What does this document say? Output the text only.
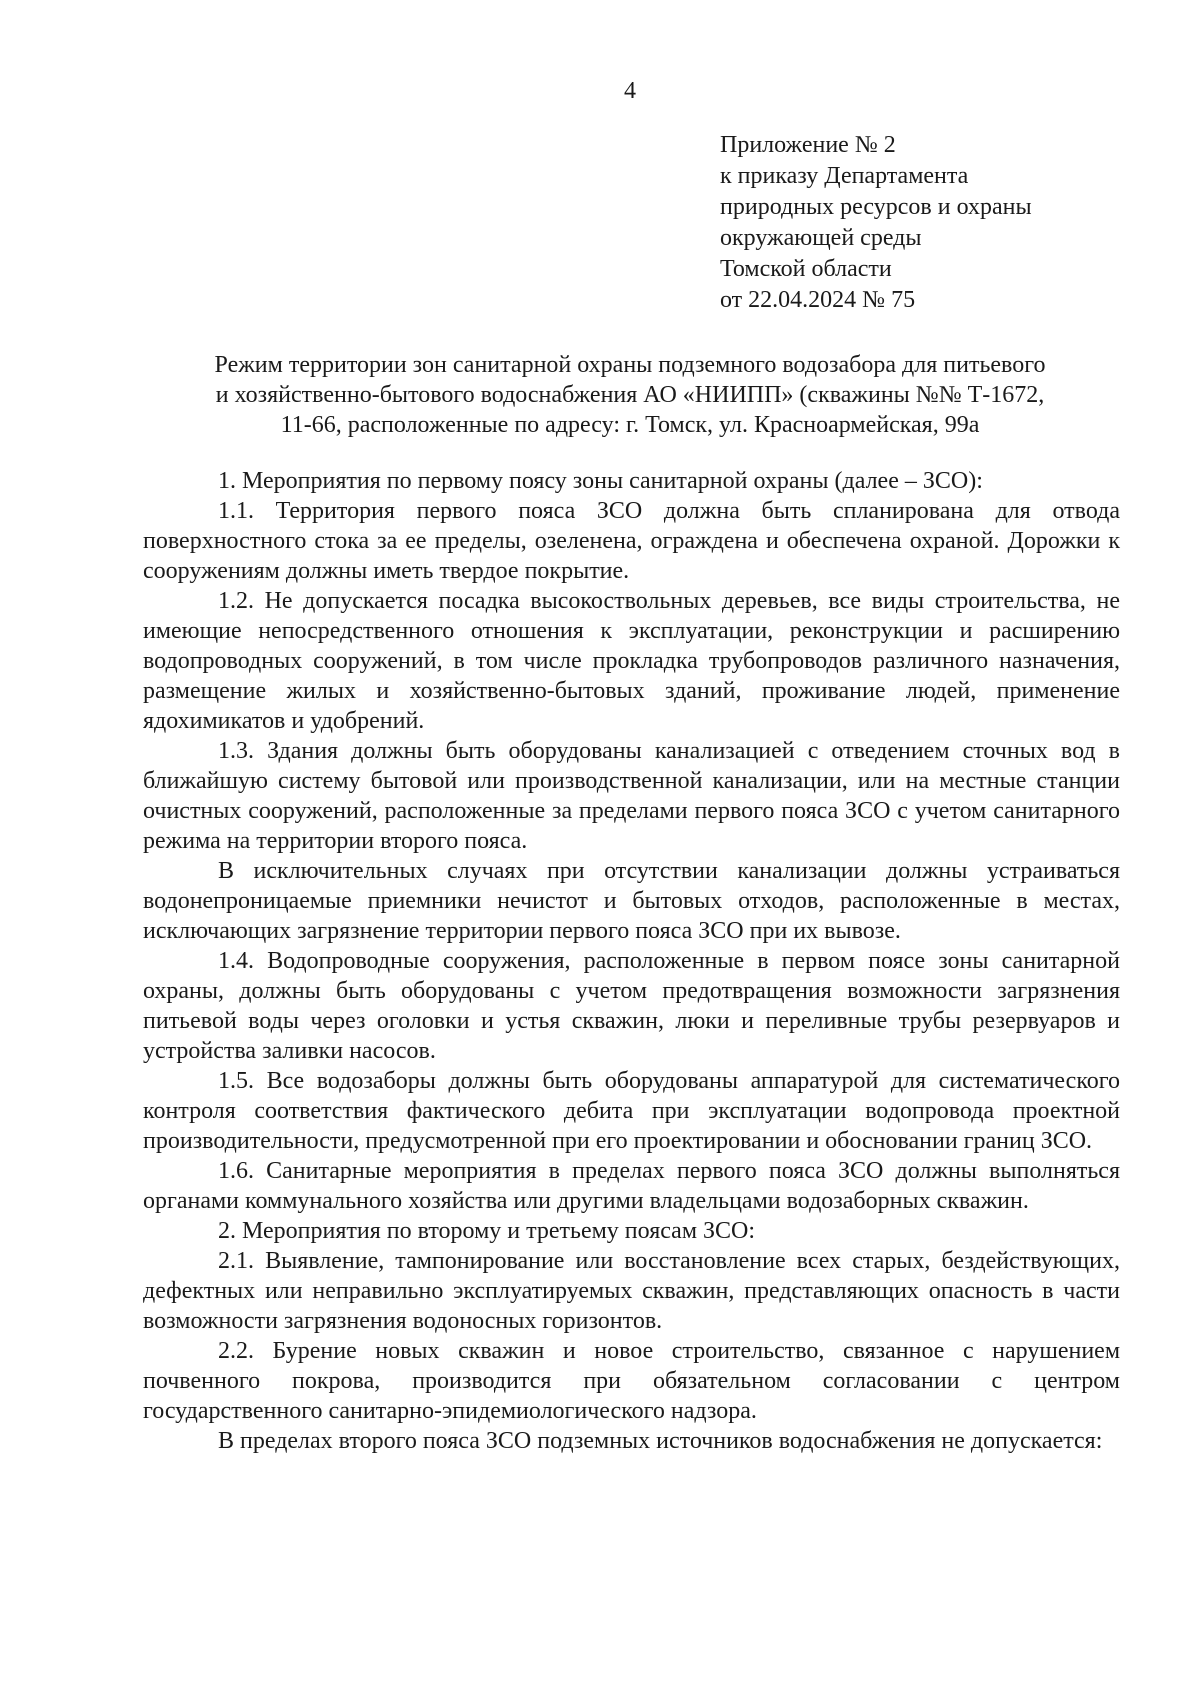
4
Приложение № 2
к приказу Департамента
природных ресурсов и охраны
окружающей среды
Томской области
от 22.04.2024 № 75
Режим территории зон санитарной охраны подземного водозабора для питьевого
и хозяйственно-бытового водоснабжения АО «НИИПП» (скважины №№ Т-1672,
11-66, расположенные по адресу: г. Томск, ул. Красноармейская, 99а

1. Мероприятия по первому поясу зоны санитарной охраны (далее – ЗСО):

1.1. Территория первого пояса ЗСО должна быть спланирована для отвода поверхностного стока за ее пределы, озеленена, ограждена и обеспечена охраной. Дорожки к сооружениям должны иметь твердое покрытие.

1.2. Не допускается посадка высокоствольных деревьев, все виды строительства, не имеющие непосредственного отношения к эксплуатации, реконструкции и расширению водопроводных сооружений, в том числе прокладка трубопроводов различного назначения, размещение жилых и хозяйственно-бытовых зданий, проживание людей, применение ядохимикатов и удобрений.

1.3. Здания должны быть оборудованы канализацией с отведением сточных вод в ближайшую систему бытовой или производственной канализации, или на местные станции очистных сооружений, расположенные за пределами первого пояса ЗСО с учетом санитарного режима на территории второго пояса.

В исключительных случаях при отсутствии канализации должны устраиваться водонепроницаемые приемники нечистот и бытовых отходов, расположенные в местах, исключающих загрязнение территории первого пояса ЗСО при их вывозе.

1.4. Водопроводные сооружения, расположенные в первом поясе зоны санитарной охраны, должны быть оборудованы с учетом предотвращения возможности загрязнения питьевой воды через оголовки и устья скважин, люки и переливные трубы резервуаров и устройства заливки насосов.

1.5. Все водозаборы должны быть оборудованы аппаратурой для систематического контроля соответствия фактического дебита при эксплуатации водопровода проектной производительности, предусмотренной при его проектировании и обосновании границ ЗСО.

1.6. Санитарные мероприятия в пределах первого пояса ЗСО должны выполняться органами коммунального хозяйства или другими владельцами водозаборных скважин.

2. Мероприятия по второму и третьему поясам ЗСО:

2.1. Выявление, тампонирование или восстановление всех старых, бездействующих, дефектных или неправильно эксплуатируемых скважин, представляющих опасность в части возможности загрязнения водоносных горизонтов.

2.2. Бурение новых скважин и новое строительство, связанное с нарушением почвенного покрова, производится при обязательном согласовании с центром государственного санитарно-эпидемиологического надзора.

В пределах второго пояса ЗСО подземных источников водоснабжения не допускается:
